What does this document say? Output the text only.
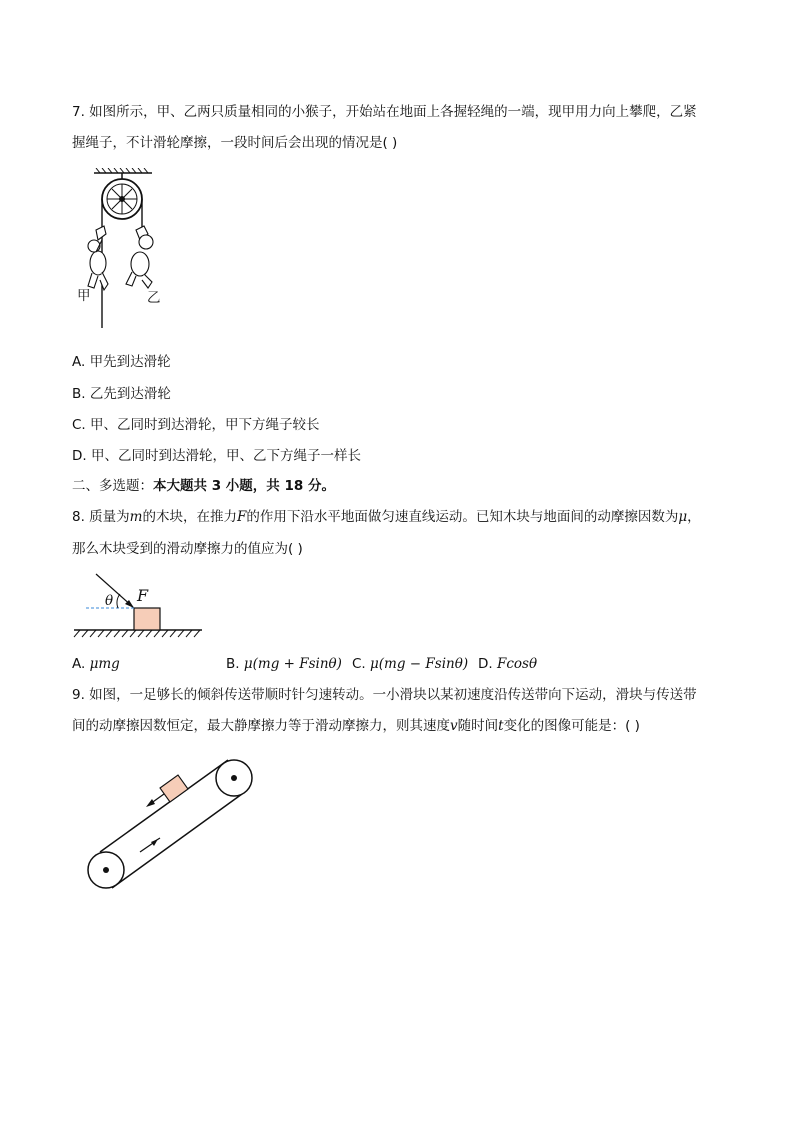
7. 如图所示，甲、乙两只质量相同的小猴子，开始站在地面上各握轻绳的一端，现甲用力向上攀爬，乙紧
握绳子，不计滑轮摩擦，一段时间后会出现的情况是( )
甲	乙
A. 甲先到达滑轮
B. 乙先到达滑轮
C. 甲、乙同时到达滑轮，甲下方绳子较长
D. 甲、乙同时到达滑轮，甲、乙下方绳子一样长
二、多选题：本大题共 3 小题，共 18 分。
8. 质量为m的木块，在推力F的作用下沿水平地面做匀速直线运动。已知木块与地面间的动摩擦因数为μ，
那么木块受到的滑动摩擦力的值应为( )
θ F
A. μmg	B. μ(mg + Fsinθ) C. μ(mg − Fsinθ) D. Fcosθ
9. 如图，一足够长的倾斜传送带顺时针匀速转动。一小滑块以某初速度沿传送带向下运动，滑块与传送带
间的动摩擦因数恒定，最大静摩擦力等于滑动摩擦力，则其速度v随时间t变化的图像可能是：( )
